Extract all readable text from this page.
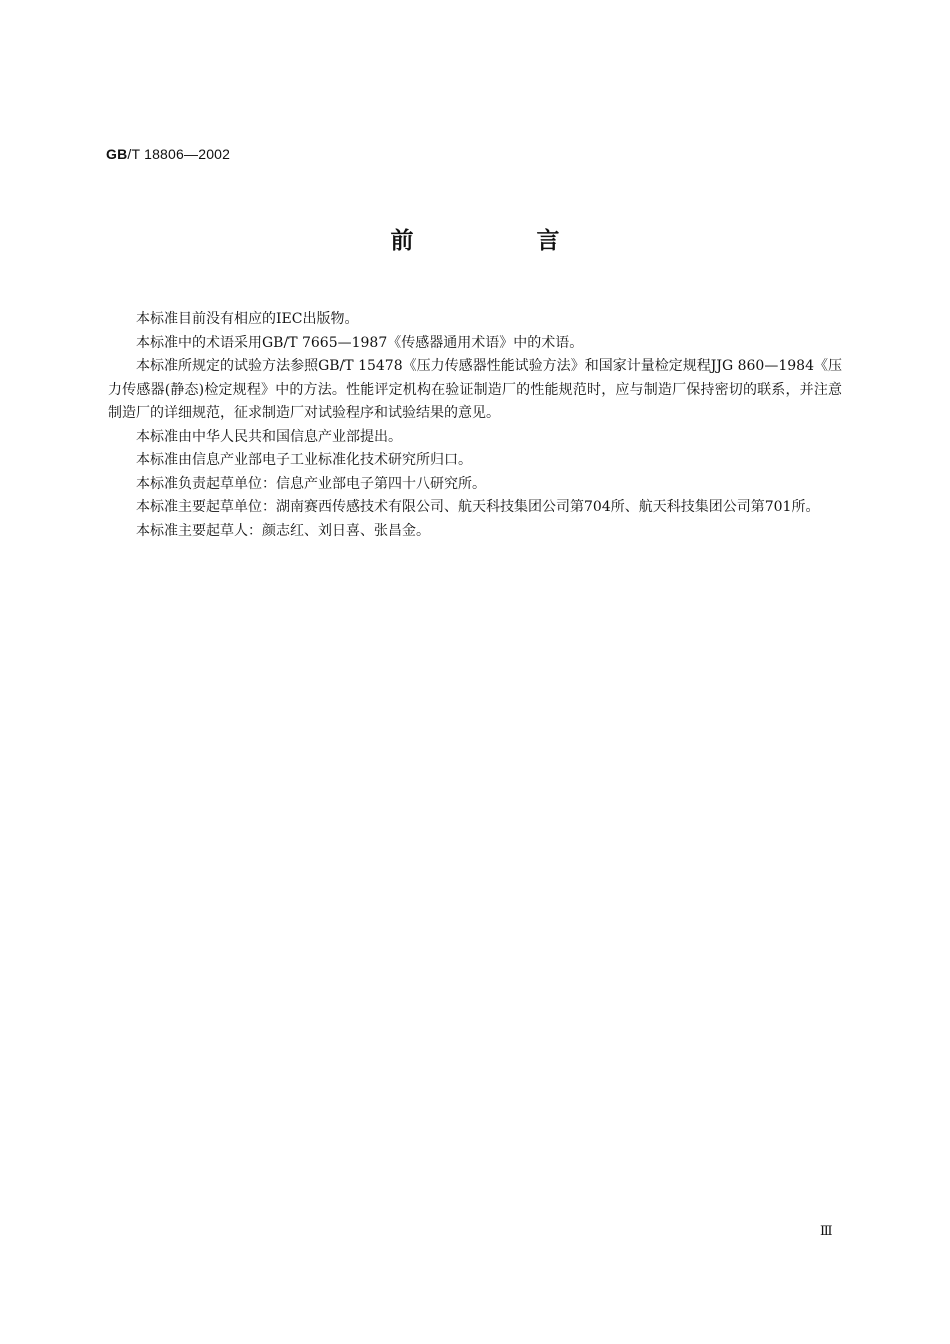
GB/T 18806—2002
前　言

本标准目前没有相应的IEC出版物。

本标准中的术语采用GB/T 7665—1987《传感器通用术语》中的术语。

本标准所规定的试验方法参照GB/T 15478《压力传感器性能试验方法》和国家计量检定规程JJG 860—1984《压力传感器(静态)检定规程》中的方法。性能评定机构在验证制造厂的性能规范时，应与制造厂保持密切的联系，并注意制造厂的详细规范，征求制造厂对试验程序和试验结果的意见。

本标准由中华人民共和国信息产业部提出。

本标准由信息产业部电子工业标准化技术研究所归口。

本标准负责起草单位：信息产业部电子第四十八研究所。

本标准主要起草单位：湖南赛西传感技术有限公司、航天科技集团公司第704所、航天科技集团公司第701所。

本标准主要起草人：颜志红、刘日喜、张昌金。

Ⅲ
